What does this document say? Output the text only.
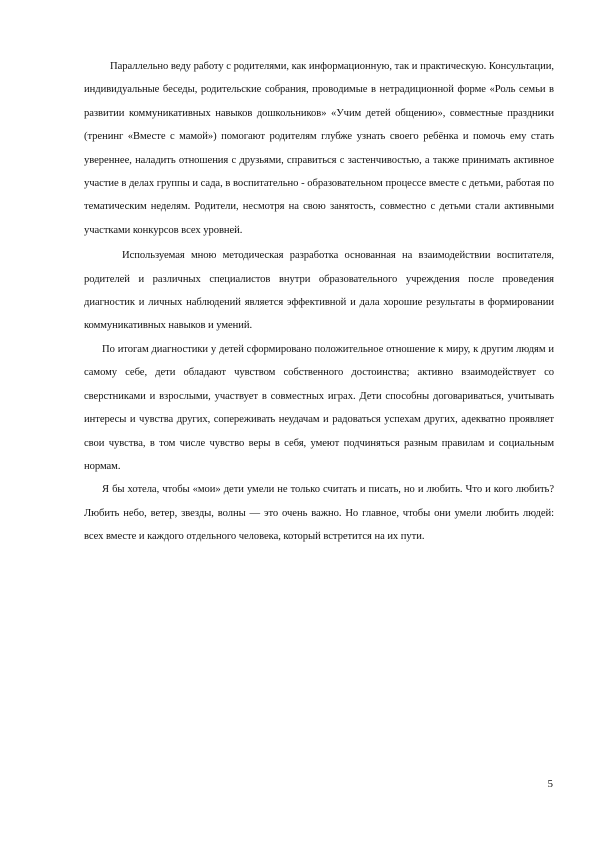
Параллельно веду работу с родителями, как информационную, так и практическую. Консультации, индивидуальные беседы, родительские собрания, проводимые в нетрадиционной форме «Роль семьи в развитии коммуникативных навыков дошкольников» «Учим детей общению», совместные праздники (тренинг «Вместе с мамой») помогают родителям глубже узнать своего ребёнка и помочь ему стать увереннее, наладить отношения с друзьями, справиться с застенчивостью, а также принимать активное участие в делах группы и сада, в воспитательно - образовательном процессе вместе с детьми, работая по тематическим неделям. Родители, несмотря на свою занятость, совместно с детьми стали активными участками конкурсов всех уровней.

Используемая мною методическая разработка основанная на взаимодействии воспитателя, родителей и различных специалистов внутри образовательного учреждения после проведения диагностик и личных наблюдений является эффективной и дала хорошие результаты в формировании коммуникативных навыков и умений.

По итогам диагностики у детей сформировано положительное отношение к миру, к другим людям и самому себе, дети обладают чувством собственного достоинства; активно взаимодействует со сверстниками и взрослыми, участвует в совместных играх. Дети способны договариваться, учитывать интересы и чувства других, сопереживать неудачам и радоваться успехам других, адекватно проявляет свои чувства, в том числе чувство веры в себя, умеют подчиняться разным правилам и социальным нормам.

Я бы хотела, чтобы «мои» дети умели не только считать и писать, но и любить. Что и кого любить? Любить небо, ветер, звезды, волны — это очень важно. Но главное, чтобы они умели любить людей: всех вместе и каждого отдельного человека, который встретится на их пути.

5
